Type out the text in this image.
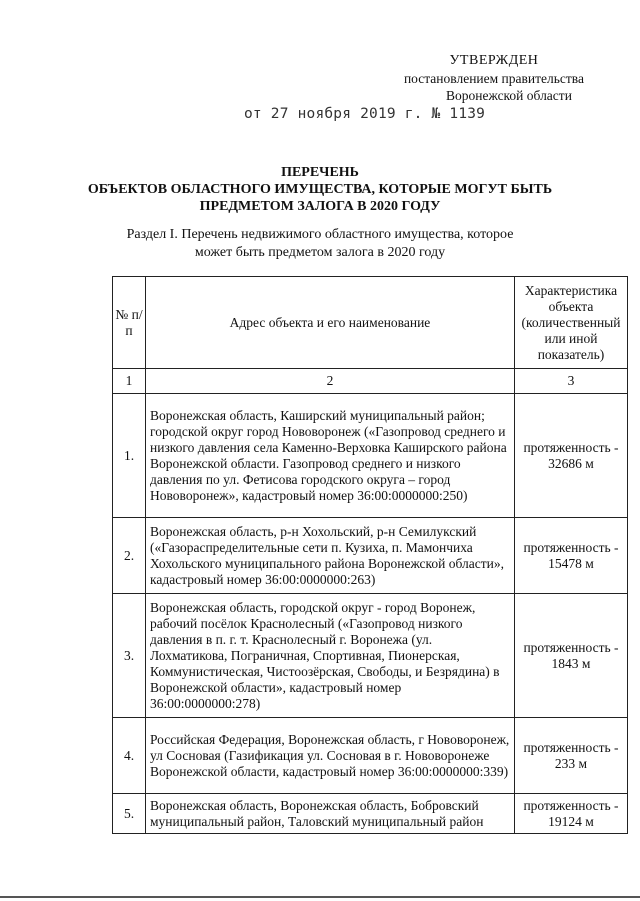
УТВЕРЖДЕН
постановлением правительства
Воронежской области
от 27 ноября 2019 г. № 1139
ПЕРЕЧЕНЬ
ОБЪЕКТОВ ОБЛАСТНОГО ИМУЩЕСТВА, КОТОРЫЕ МОГУТ БЫТЬ
ПРЕДМЕТОМ ЗАЛОГА В 2020 ГОДУ
Раздел I. Перечень недвижимого областного имущества, которое
может быть предметом залога в 2020 году
№ п/п	Адрес объекта и его наименование	Характеристика объекта (количественный или иной показатель)
1	2	3
1.	Воронежская область, Каширский муниципальный район; городской округ город Нововоронеж («Газопровод среднего и низкого давления села Каменно-Верховка Каширского района Воронежской области. Газопровод среднего и низкого давления по ул. Фетисова городского округа – город Нововоронеж», кадастровый номер 36:00:0000000:250)	протяженность - 32686 м
2.	Воронежская область, р-н Хохольский, р-н Семилукский («Газораспределительные сети п. Кузиха, п. Мамончиха Хохольского муниципального района Воронежской области», кадастровый номер 36:00:0000000:263)	протяженность - 15478 м
3.	Воронежская область, городской округ - город Воронеж, рабочий посёлок Краснолесный («Газопровод низкого давления в п. г. т. Краснолесный г. Воронежа (ул. Лохматикова, Пограничная, Спортивная, Пионерская, Коммунистическая, Чистоозёрская, Свободы, и Безрядина) в Воронежской области», кадастровый номер 36:00:0000000:278)	протяженность - 1843 м
4.	Российская Федерация, Воронежская область, г Нововоронеж, ул Сосновая (Газификация ул. Сосновая в г. Нововоронеже Воронежской области, кадастровый номер 36:00:0000000:339)	протяженность - 233 м
5.	Воронежская область, Воронежская область, Бобровский муниципальный район, Таловский муниципальный район	протяженность - 19124 м
